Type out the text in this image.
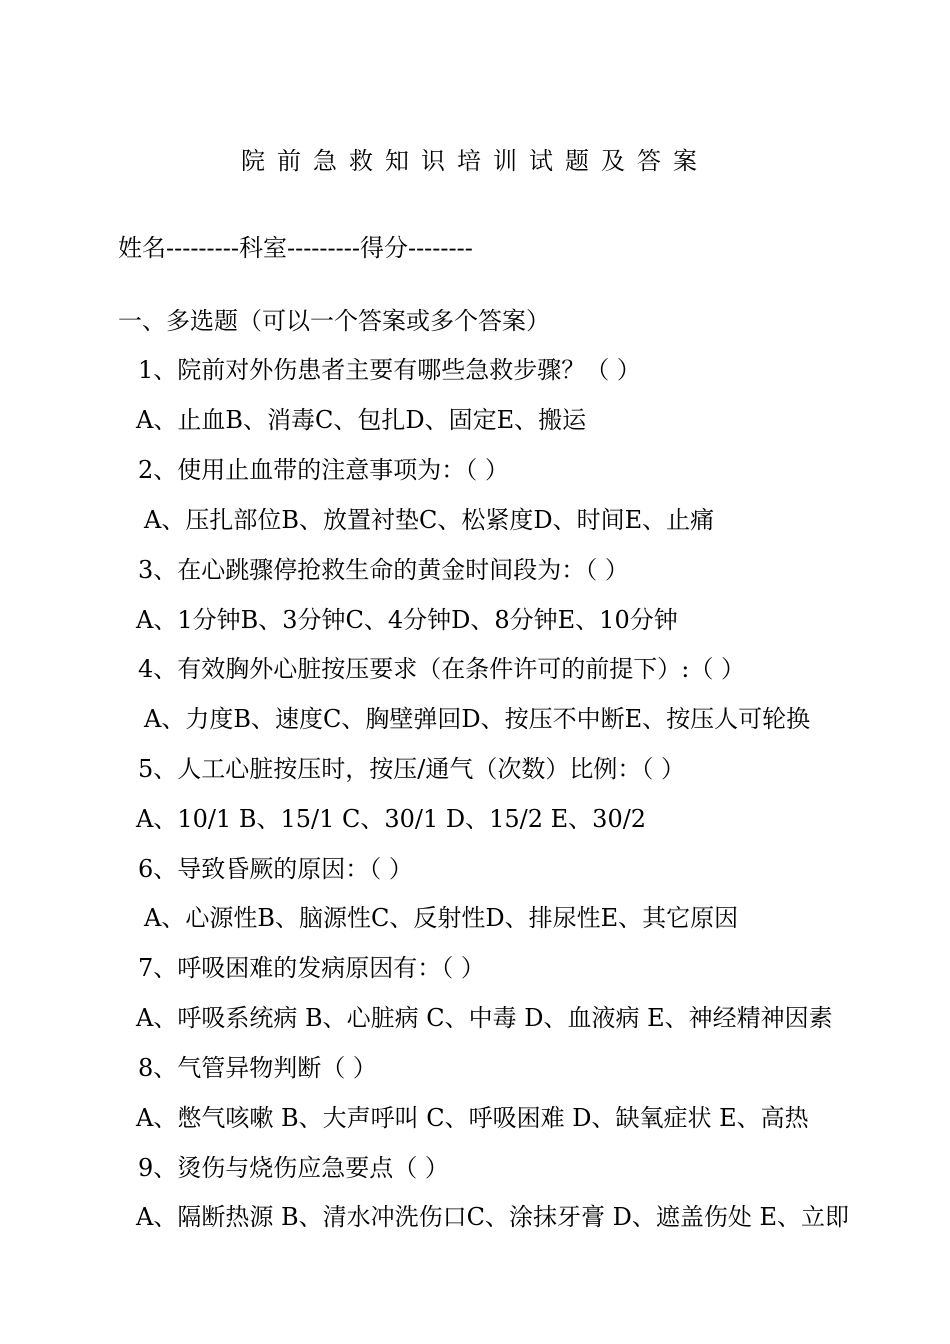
院前急救知识培训试题及答案
姓名---------科室---------得分--------
一、多选题（可以一个答案或多个答案）
1、院前对外伤患者主要有哪些急救步骤？（ ）
A、止血B、消毒C、包扎D、固定E、搬运
2、使用止血带的注意事项为：（ ）
A、压扎部位B、放置衬垫C、松紧度D、时间E、止痛
3、在心跳骤停抢救生命的黄金时间段为：（ ）
A、1分钟B、3分钟C、4分钟D、8分钟E、10分钟
4、有效胸外心脏按压要求（在条件许可的前提下）:（ ）
A、力度B、速度C、胸壁弹回D、按压不中断E、按压人可轮换
5、人工心脏按压时，按压/通气（次数）比例：（ ）
A、10/1 B、15/1 C、30/1 D、15/2 E、30/2
6、导致昏厥的原因：（ ）
A、心源性B、脑源性C、反射性D、排尿性E、其它原因
7、呼吸困难的发病原因有：（ ）
A、呼吸系统病 B、心脏病 C、中毒 D、血液病 E、神经精神因素
8、气管异物判断（ ）
A、憋气咳嗽 B、大声呼叫 C、呼吸困难 D、缺氧症状 E、高热
9、烫伤与烧伤应急要点（ ）
A、隔断热源 B、清水冲洗伤口C、涂抹牙膏 D、遮盖伤处 E、立即
